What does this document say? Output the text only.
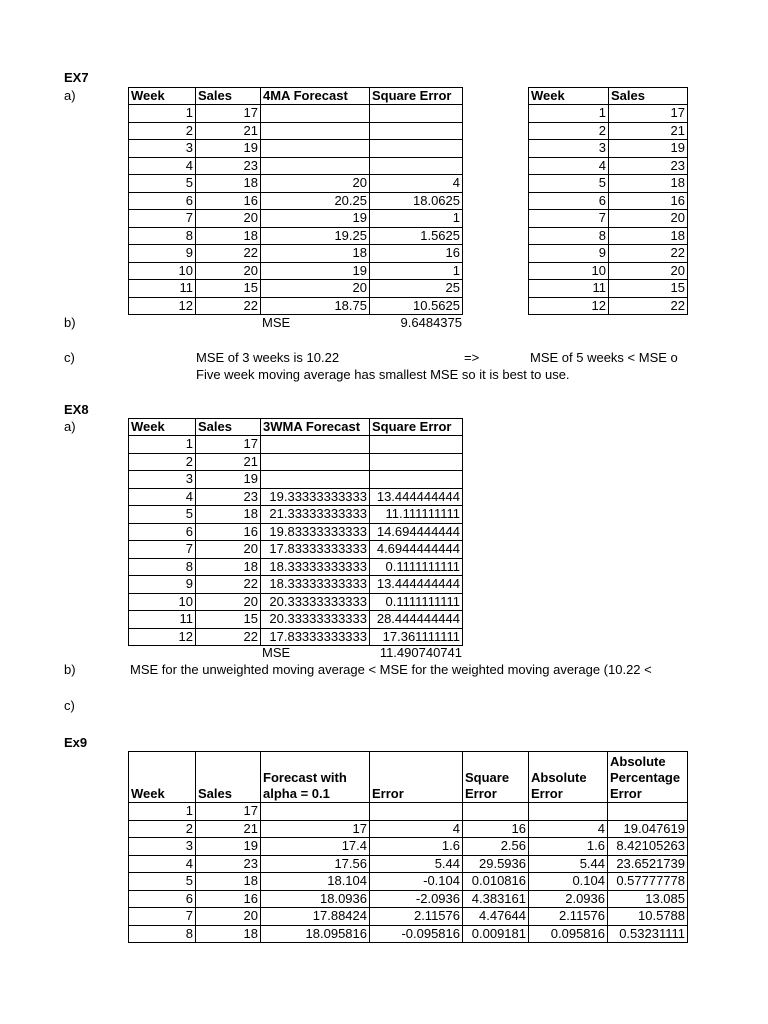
EX7
a)	Week	Sales	4MA Forecast	Square Error
1	17		
2	21		
3	19		
4	23		
5	18	20	4
6	16	20.25	18.0625
7	20	19	1
8	18	19.25	1.5625
9	22	18	16
10	20	19	1
11	15	20	25
12	22	18.75	10.5625
Week	Sales
1	17
2	21
3	19
4	23
5	18
6	16
7	20
8	18
9	22
10	20
11	15
12	22
b)	MSE	9.6484375
c)	MSE of 3 weeks is 10.22	=>	MSE of 5 weeks < MSE o
Five week moving average has smallest MSE so it is best to use.
EX8
a)	Week	Sales	3WMA Forecast	Square Error
1	17		
2	21		
3	19		
4	23	19.33333333333	13.444444444
5	18	21.33333333333	11.111111111
6	16	19.83333333333	14.694444444
7	20	17.83333333333	4.6944444444
8	18	18.33333333333	0.1111111111
9	22	18.33333333333	13.444444444
10	20	20.33333333333	0.1111111111
11	15	20.33333333333	28.444444444
12	22	17.83333333333	17.361111111
MSE	11.490740741
b)	MSE for the unweighted moving average < MSE for the weighted moving average (10.22 <
c)
Ex9
Week	Sales	Forecast with alpha = 0.1	Error	Square Error	Absolute Error	Absolute Percentage Error
1	17					
2	21	17	4	16	4	19.047619
3	19	17.4	1.6	2.56	1.6	8.42105263
4	23	17.56	5.44	29.5936	5.44	23.6521739
5	18	18.104	-0.104	0.010816	0.104	0.57777778
6	16	18.0936	-2.0936	4.383161	2.0936	13.085
7	20	17.88424	2.11576	4.47644	2.11576	10.5788
8	18	18.095816	-0.095816	0.009181	0.095816	0.53231111
